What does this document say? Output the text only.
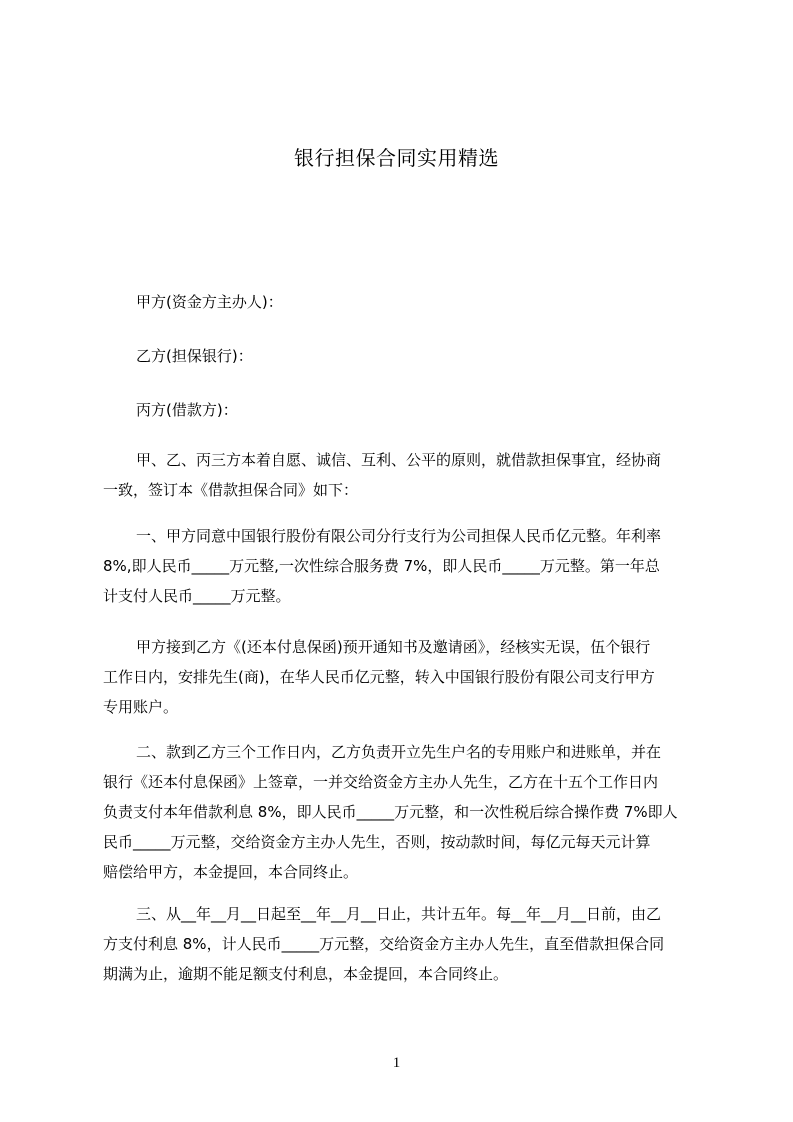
银行担保合同实用精选
甲方(资金方主办人)：
乙方(担保银行)：
丙方(借款方)：
甲、乙、丙三方本着自愿、诚信、互利、公平的原则，就借款担保事宜，经协商
一致，签订本《借款担保合同》如下：
一、甲方同意中国银行股份有限公司分行支行为公司担保人民币亿元整。年利率
8%,即人民币_____万元整,一次性综合服务费 7%，即人民币_____万元整。第一年总
计支付人民币_____万元整。
甲方接到乙方《(还本付息保函)预开通知书及邀请函》，经核实无误，伍个银行
工作日内，安排先生(商)，在华人民币亿元整，转入中国银行股份有限公司支行甲方
专用账户。
二、款到乙方三个工作日内，乙方负责开立先生户名的专用账户和进账单，并在
银行《还本付息保函》上签章，一并交给资金方主办人先生，乙方在十五个工作日内
负责支付本年借款利息 8%，即人民币_____万元整，和一次性税后综合操作费 7%即人
民币_____万元整，交给资金方主办人先生，否则，按动款时间，每亿元每天元计算
赔偿给甲方，本金提回，本合同终止。
三、从__年__月__日起至__年__月__日止，共计五年。每__年__月__日前，由乙
方支付利息 8%，计人民币_____万元整，交给资金方主办人先生，直至借款担保合同
期满为止，逾期不能足额支付利息，本金提回，本合同终止。
1
